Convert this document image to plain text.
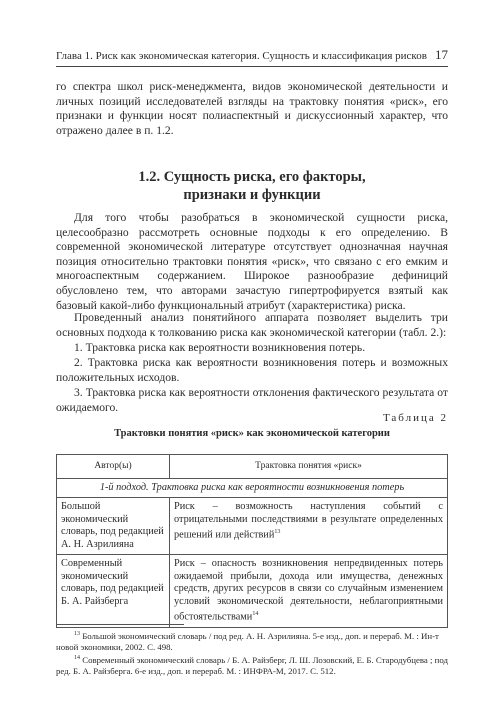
Глава 1. Риск как экономическая категория. Сущность и классификация рисков 17

го спектра школ риск-менеджмента, видов экономической деятельности и личных позиций исследователей взгляды на трактовку понятия «риск», его признаки и функции носят полиаспектный и дискуссионный характер, что отражено далее в п. 1.2.

1.2. Сущность риска, его факторы,
признаки и функции

Для того чтобы разобраться в экономической сущности риска, целесообразно рассмотреть основные подходы к его определению. В современной экономической литературе отсутствует однозначная научная позиция относительно трактовки понятия «риск», что связано с его емким и многоаспектным содержанием. Широкое разнообразие дефиниций обусловлено тем, что авторами зачастую гипертрофируется взятый как базовый какой-либо функциональный атрибут (характеристика) риска.

Проведенный анализ понятийного аппарата позволяет выделить три основных подхода к толкованию риска как экономической категории (табл. 2.):

1. Трактовка риска как вероятности возникновения потерь.

2. Трактовка риска как вероятности возникновения потерь и возможных положительных исходов.

3. Трактовка риска как вероятности отклонения фактического результата от ожидаемого.

Таблица 2
Трактовки понятия «риск» как экономической категории
Автор(ы)	Трактовка понятия «риск»
1-й подход. Трактовка риска как вероятности возникновения потерь	
Большой экономический словарь, под редакцией А. Н. Азрилияна	Риск – возможность наступления событий с отрицательными последствиями в результате определенных решений или действий$^{13}$
Современный экономический словарь, под редакцией Б. А. Райзберга	Риск – опасность возникновения непредвиденных потерь ожидаемой прибыли, дохода или имущества, денежных средств, других ресурсов в связи со случайным изменением условий экономической деятельности, неблагоприятными обстоятельствами$^{14}$

$^{13}$ Большой экономический словарь / под ред. А. Н. Азрилияна. 5-е изд., доп. и перераб. М. : Ин-т новой экономики, 2002. С. 498.

$^{14}$ Современный экономический словарь / Б. А. Райзберг, Л. Ш. Лозовский, Е. Б. Стародубцева ; под ред. Б. А. Райзберга. 6-е изд., доп. и перераб. М. : ИНФРА-М, 2017. С. 512.
